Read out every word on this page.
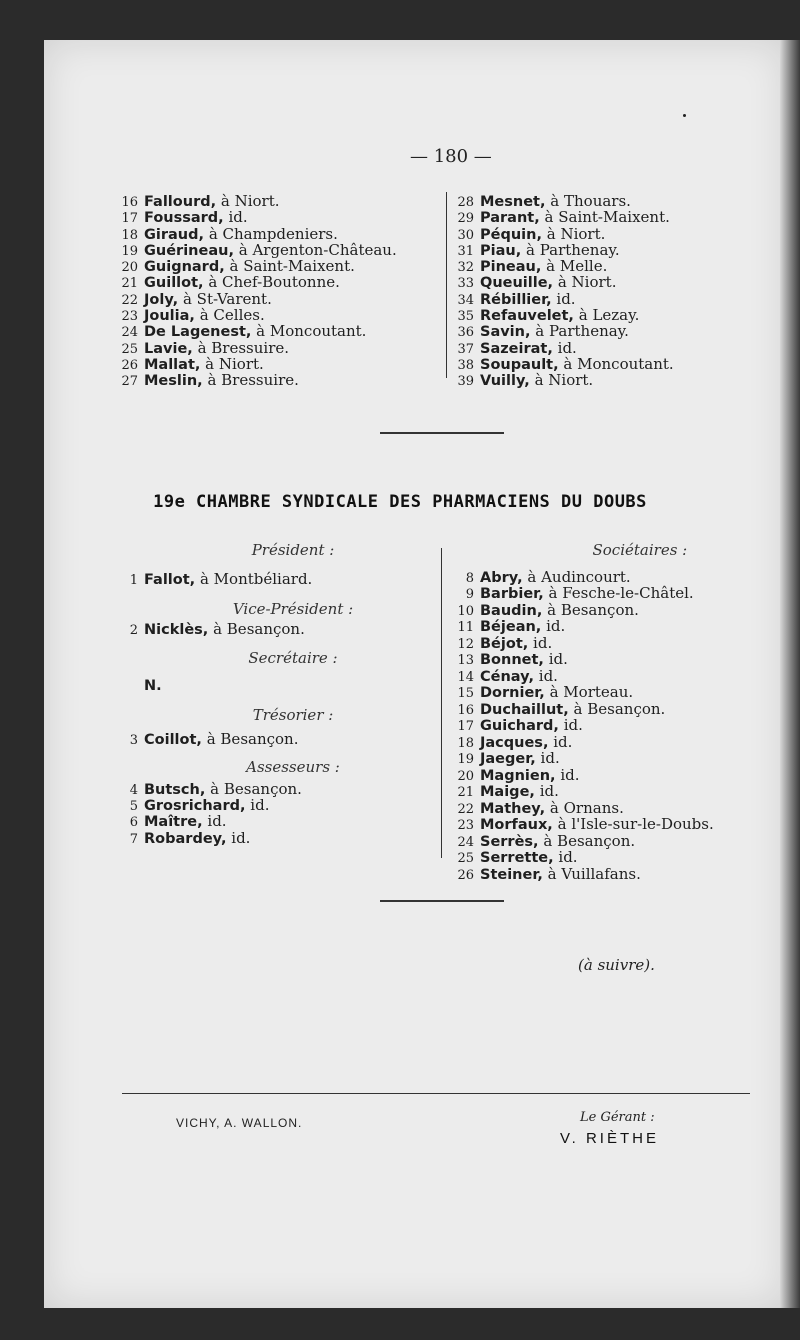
— 180 —
16 Fallourd, à Niort.
17 Foussard, id.
18 Giraud, à Champdeniers.
19 Guérineau, à Argenton-Château.
20 Guignard, à Saint-Maixent.
21 Guillot, à Chef-Boutonne.
22 Joly, à St-Varent.
23 Joulia, à Celles.
24 De Lagenest, à Moncoutant.
25 Lavie, à Bressuire.
26 Mallat, à Niort.
27 Meslin, à Bressuire.
28 Mesnet, à Thouars.
29 Parant, à Saint-Maixent.
30 Péquin, à Niort.
31 Piau, à Parthenay.
32 Pineau, à Melle.
33 Queuille, à Niort.
34 Rébillier, id.
35 Refauvelet, à Lezay.
36 Savin, à Parthenay.
37 Sazeirat, id.
38 Soupault, à Moncoutant.
39 Vuilly, à Niort.
19e CHAMBRE SYNDICALE DES PHARMACIENS DU DOUBS
Président :
1 Fallot, à Montbéliard.
Vice-Président :
2 Nicklès, à Besançon.
Secrétaire :
N.
Trésorier :
3 Coillot, à Besançon.
Assesseurs :
4 Butsch, à Besançon.
5 Grosrichard, id.
6 Maître, id.
7 Robardey, id.
Sociétaires :
8 Abry, à Audincourt.
9 Barbier, à Fesche-le-Châtel.
10 Baudin, à Besançon.
11 Béjean, id.
12 Béjot, id.
13 Bonnet, id.
14 Cénay, id.
15 Dornier, à Morteau.
16 Duchaillut, à Besançon.
17 Guichard, id.
18 Jacques, id.
19 Jaeger, id.
20 Magnien, id.
21 Maige, id.
22 Mathey, à Ornans.
23 Morfaux, à l'Isle-sur-le-Doubs.
24 Serrès, à Besançon.
25 Serrette, id.
26 Steiner, à Vuillafans.
(à suivre).
VICHY, A. WALLON.	Le Gérant :
V. RIÈTHE
